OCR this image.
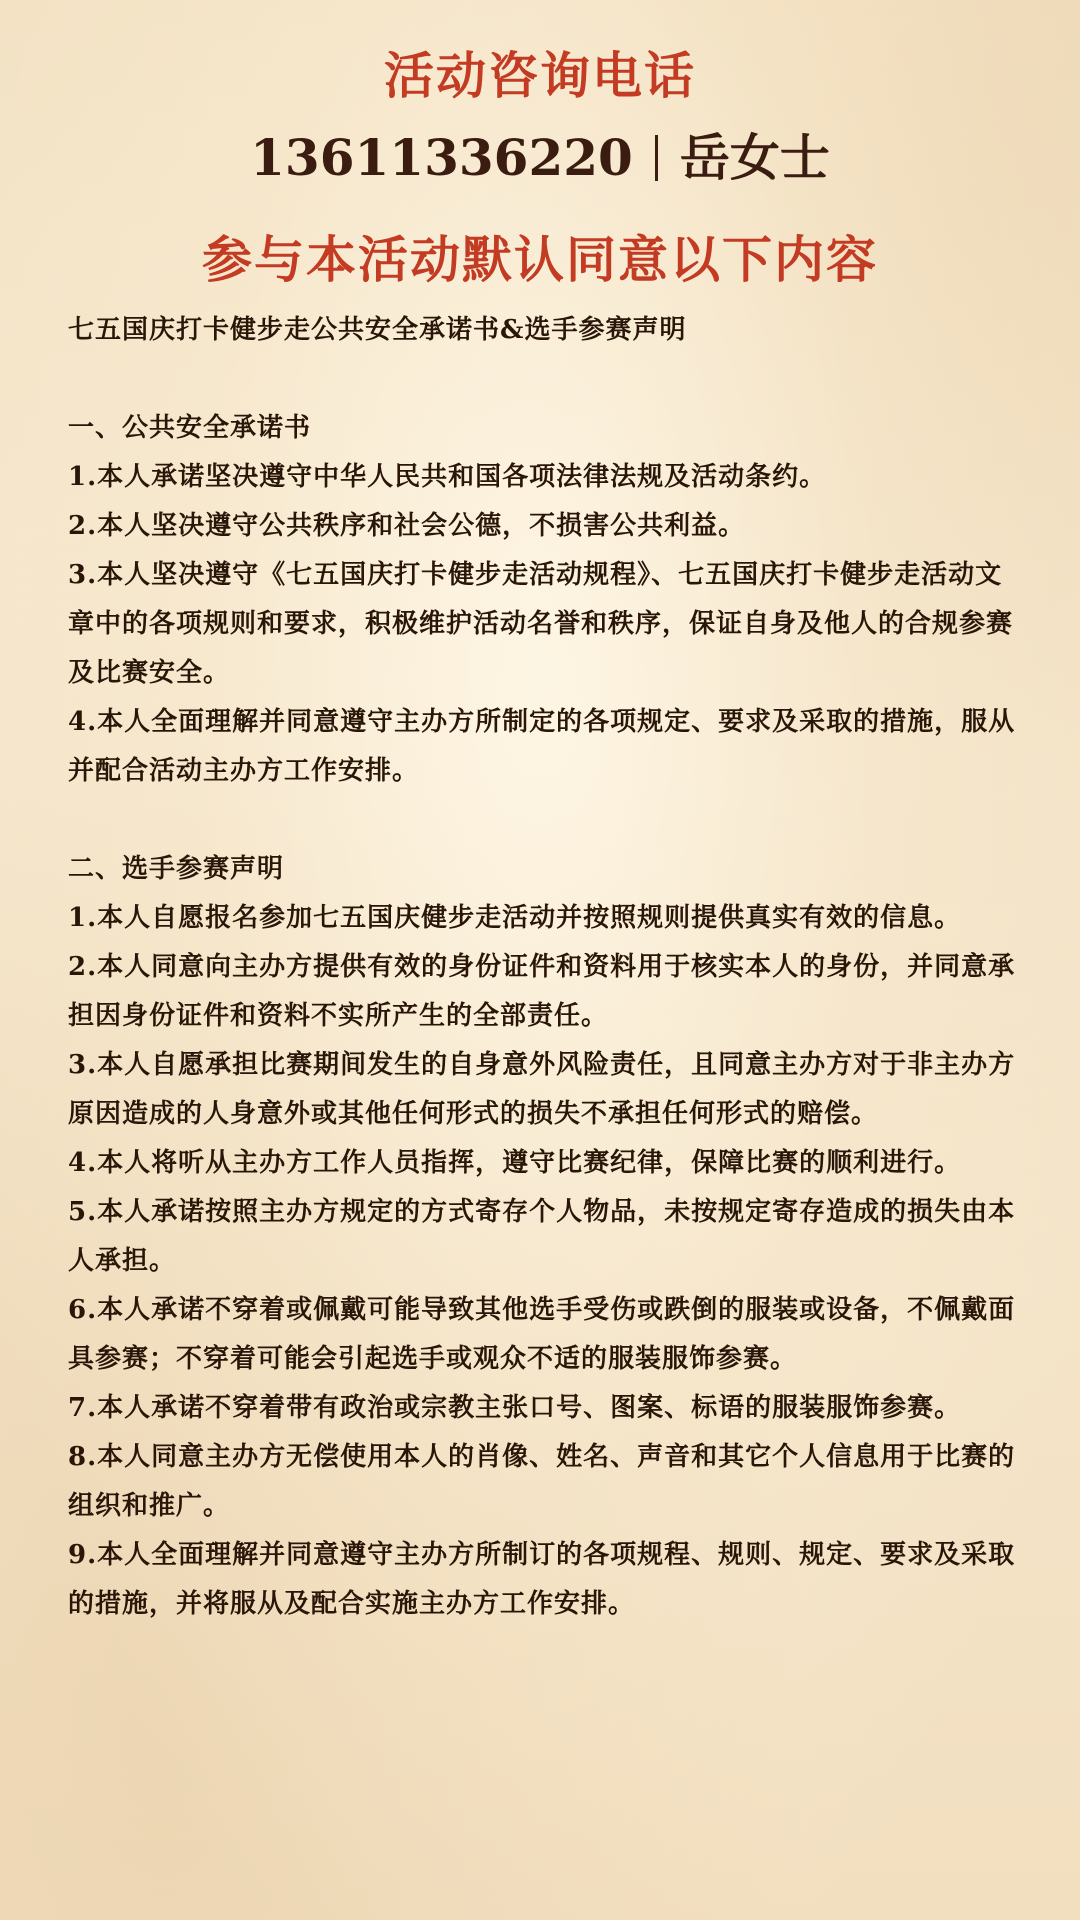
活动咨询电话
13611336220 岳女士
参与本活动默认同意以下内容

七五国庆打卡健步走公共安全承诺书&选手参赛声明

一、公共安全承诺书

1.本人承诺坚决遵守中华人民共和国各项法律法规及活动条约。

2.本人坚决遵守公共秩序和社会公德，不损害公共利益。

3.本人坚决遵守《七五国庆打卡健步走活动规程》、七五国庆打卡健步走活动文章中的各项规则和要求，积极维护活动名誉和秩序，保证自身及他人的合规参赛及比赛安全。

4.本人全面理解并同意遵守主办方所制定的各项规定、要求及采取的措施，服从并配合活动主办方工作安排。

二、选手参赛声明

1.本人自愿报名参加七五国庆健步走活动并按照规则提供真实有效的信息。

2.本人同意向主办方提供有效的身份证件和资料用于核实本人的身份，并同意承担因身份证件和资料不实所产生的全部责任。

3.本人自愿承担比赛期间发生的自身意外风险责任，且同意主办方对于非主办方原因造成的人身意外或其他任何形式的损失不承担任何形式的赔偿。

4.本人将听从主办方工作人员指挥，遵守比赛纪律，保障比赛的顺利进行。

5.本人承诺按照主办方规定的方式寄存个人物品，未按规定寄存造成的损失由本人承担。

6.本人承诺不穿着或佩戴可能导致其他选手受伤或跌倒的服装或设备，不佩戴面具参赛；不穿着可能会引起选手或观众不适的服装服饰参赛。

7.本人承诺不穿着带有政治或宗教主张口号、图案、标语的服装服饰参赛。

8.本人同意主办方无偿使用本人的肖像、姓名、声音和其它个人信息用于比赛的组织和推广。

9.本人全面理解并同意遵守主办方所制订的各项规程、规则、规定、要求及采取的措施，并将服从及配合实施主办方工作安排。
